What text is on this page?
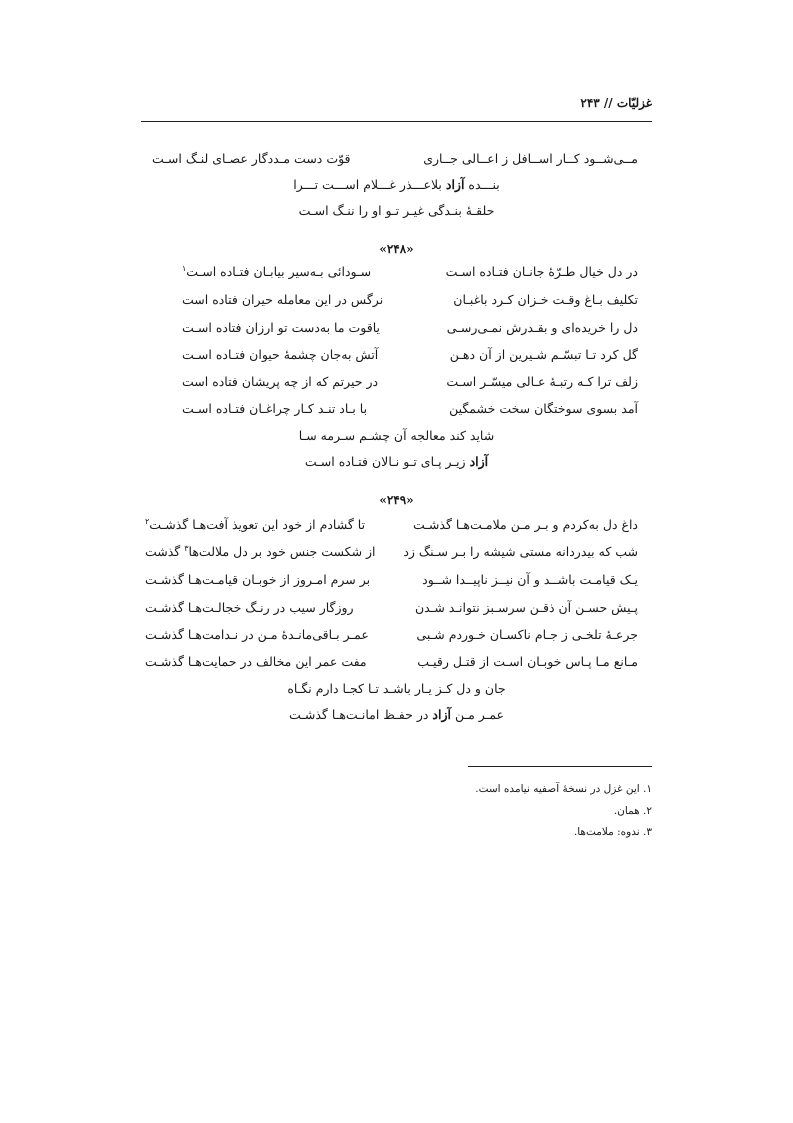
غزلیّات // ۲۴۳
مــی‌شــود کــار اســافل ز اعــالی جــاری
قوّت دست مـددگار عصـای لنـگ اسـت
بنـــده آزاد بلاعـــذر غـــلام اســـت تـــرا
حلقـۀ بنـدگی غیـر تـو او را ننـگ اسـت
«۲۴۸»
در دل خیال طـرّۀ جانـان فتـاده اسـت
سـودائی بـه‌سیر بیابـان فتـاده اسـت$^۱$
تکلیف بـاغ وقـت خـزان کـرد باغبـان
نرگس در این معامله حیران فتاده است
دل را خریده‌ای و بقـدرش نمـی‌رسـی
یاقوت ما به‌دست تو ارزان فتاده اسـت
گل کرد تـا تبسّـم شـیرین از آن دهـن
آتش به‌جان چشمۀ حیوان فتـاده اسـت
زلف ترا کـه رتبـۀ عـالی میسّـر اسـت
در حیرتم که از چه پریشان فتاده است
آمد بسوی سوختگان سخت خشمگین
با بـاد تنـد کـار چراغـان فتـاده اسـت
شاید کند معالجه آن چشـم سـرمه سـا
آزاد زیـر پـای تـو نـالان فتـاده اسـت
«۲۴۹»
داغ دل به‌کردم و بـر مـن ملامـت‌هـا گذشـت
تا گشادم از خود این تعویذ آفت‌هـا گذشـت$^۲$
شب که بیدردانه مستی شیشه را بـر سـنگ زد
از شکست جنس خود بر دل ملالت‌ها$^۳$ گذشت
یـک قیامـت باشــد و آن نیــز ناپیــدا شــود
بر سرم امـروز از خوبـان قیامـت‌هـا گذشـت
پـیش حسـن آن ذقـن سرسـبز نتوانـد شـدن
روزگار سیب در رنـگ خجالـت‌هـا گذشـت
جرعـۀ تلخـی ز جـام ناکسـان خـوردم شـبی
عمـر بـاقی‌مانـدۀ مـن در نـدامت‌هـا گذشـت
مـانع مـا پـاس خوبـان اسـت از قتـل رقیـب
مفت عمر این مخالف در حمایت‌هـا گذشـت
جان و دل کـز یـار باشـد تـا کجـا دارم نگـاه
عمـر مـن آزاد در حفـظ امانـت‌هـا گذشـت
۱. این غزل در نسخۀ آصفیه نیامده است.
۲. همان.
۳. ندوه: ملامت‌ها.
